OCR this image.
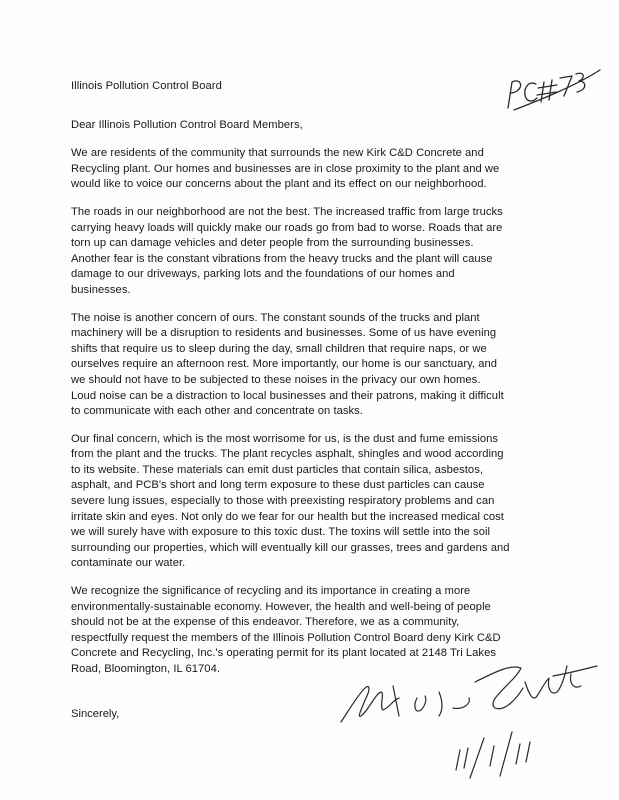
Illinois Pollution Control Board
Dear Illinois Pollution Control Board Members,
We are residents of the community that surrounds the new Kirk C&D Concrete and
Recycling plant. Our homes and businesses are in close proximity to the plant and we
would like to voice our concerns about the plant and its effect on our neighborhood.
The roads in our neighborhood are not the best. The increased traffic from large trucks
carrying heavy loads will quickly make our roads go from bad to worse. Roads that are
torn up can damage vehicles and deter people from the surrounding businesses.
Another fear is the constant vibrations from the heavy trucks and the plant will cause
damage to our driveways, parking lots and the foundations of our homes and
businesses.
The noise is another concern of ours. The constant sounds of the trucks and plant
machinery will be a disruption to residents and businesses. Some of us have evening
shifts that require us to sleep during the day, small children that require naps, or we
ourselves require an afternoon rest. More importantly, our home is our sanctuary, and
we should not have to be subjected to these noises in the privacy our own homes.
Loud noise can be a distraction to local businesses and their patrons, making it difficult
to communicate with each other and concentrate on tasks.
Our final concern, which is the most worrisome for us, is the dust and fume emissions
from the plant and the trucks. The plant recycles asphalt, shingles and wood according
to its website. These materials can emit dust particles that contain silica, asbestos,
asphalt, and PCB's short and long term exposure to these dust particles can cause
severe lung issues, especially to those with preexisting respiratory problems and can
irritate skin and eyes. Not only do we fear for our health but the increased medical cost
we will surely have with exposure to this toxic dust. The toxins will settle into the soil
surrounding our properties, which will eventually kill our grasses, trees and gardens and
contaminate our water.
We recognize the significance of recycling and its importance in creating a more
environmentally-sustainable economy. However, the health and well-being of people
should not be at the expense of this endeavor. Therefore, we as a community,
respectfully request the members of the Illinois Pollution Control Board deny Kirk C&D
Concrete and Recycling, Inc.'s operating permit for its plant located at 2148 Tri Lakes
Road, Bloomington, IL 61704.
Sincerely,
